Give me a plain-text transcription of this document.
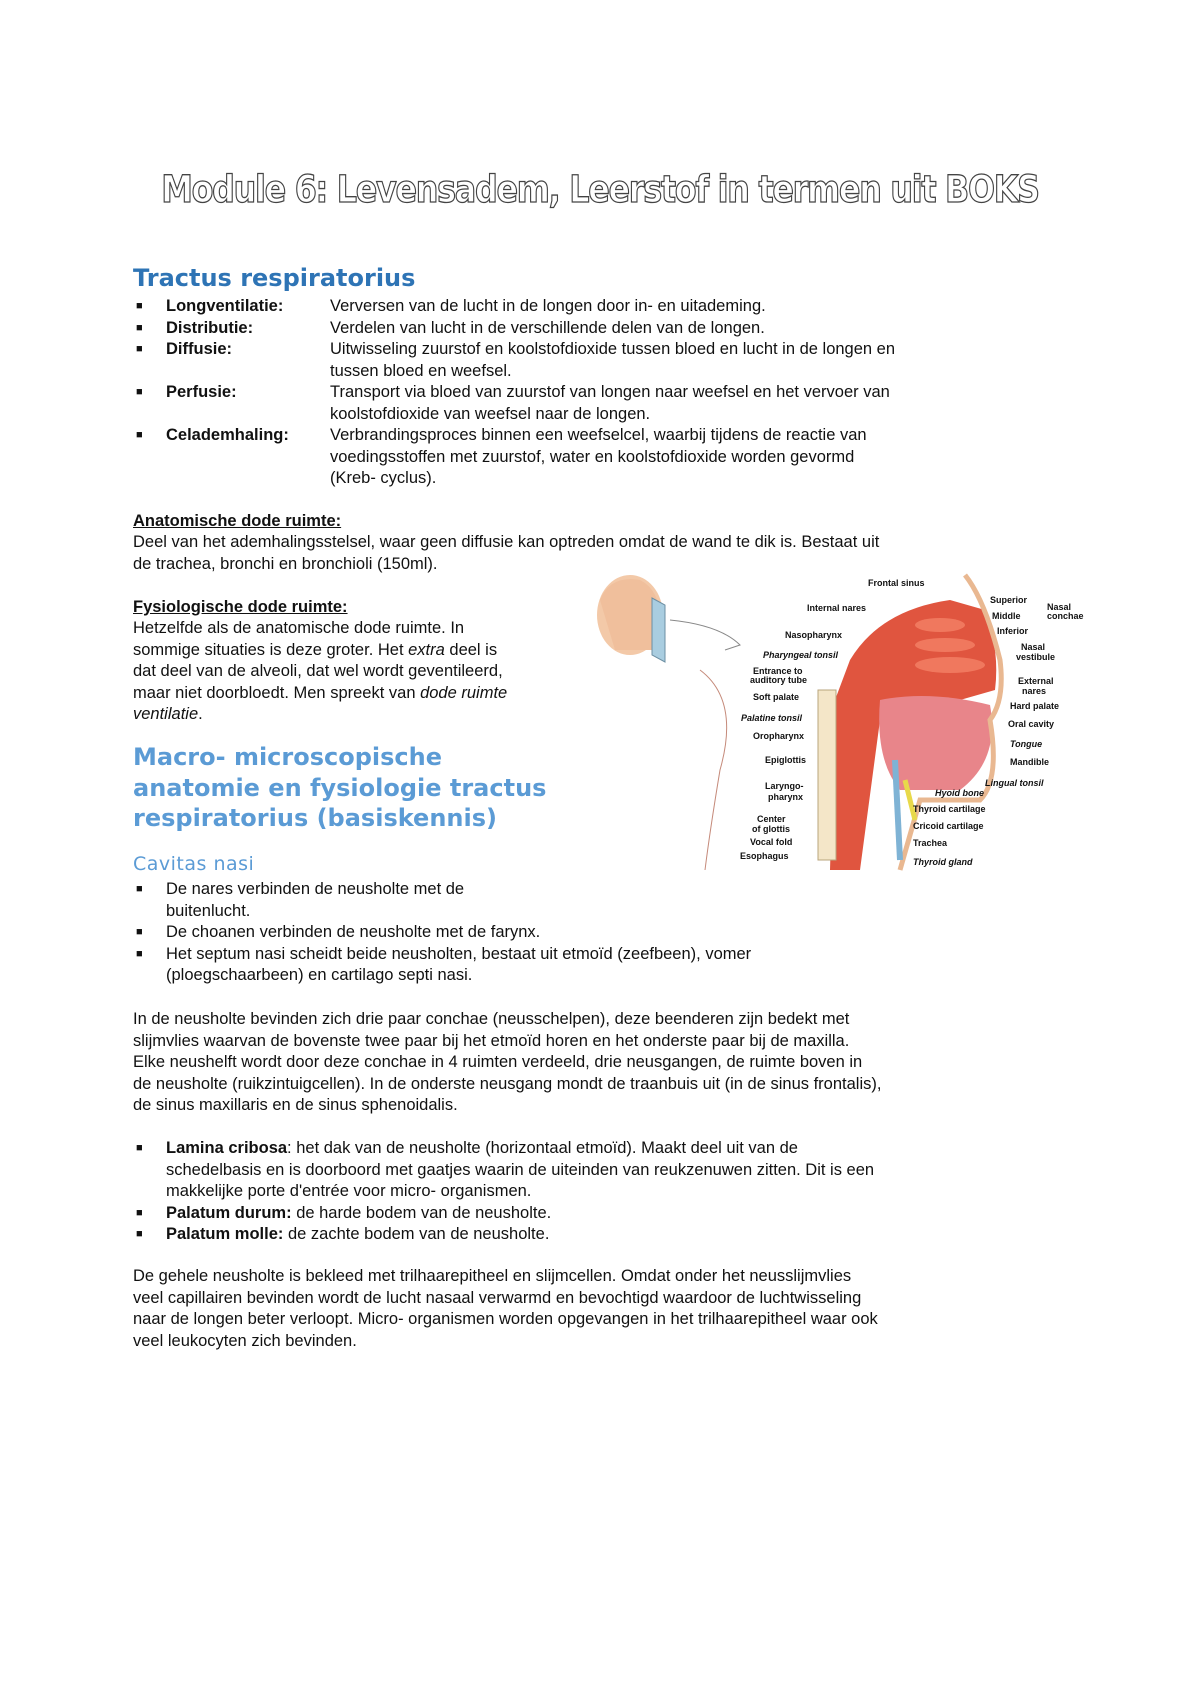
Module 6: Levensadem, Leerstof in termen uit BOKS
Tractus respiratorius
■ Longventilatie:	Verversen van de lucht in de longen door in- en uitademing.
■ Distributie:	Verdelen van lucht in de verschillende delen van de longen.
■ Diffusie:	Uitwisseling zuurstof en koolstofdioxide tussen bloed en lucht in de longen en
tussen bloed en weefsel.
■ Perfusie:	Transport via bloed van zuurstof van longen naar weefsel en het vervoer van
koolstofdioxide van weefsel naar de longen.
■ Celademhaling: Verbrandingsproces binnen een weefselcel, waarbij tijdens de reactie van
voedingsstoffen met zuurstof, water en koolstofdioxide worden gevormd
(Kreb- cyclus).
Anatomische dode ruimte:
Deel van het ademhalingsstelsel, waar geen diffusie kan optreden omdat de wand te dik is. Bestaat uit
de trachea, bronchi en bronchioli (150ml).
Fysiologische dode ruimte:
Hetzelfde als de anatomische dode ruimte. In
sommige situaties is deze groter. Het extra deel is
dat deel van de alveoli, dat wel wordt geventileerd,
maar niet doorbloedt. Men spreekt van dode ruimte
ventilatie.
Macro- microscopische
anatomie en fysiologie tractus
respiratorius (basiskennis)
Cavitas nasi
■ De nares verbinden de neusholte met de
buitenlucht.
■ De choanen verbinden de neusholte met de farynx.
■ Het septum nasi scheidt beide neusholten, bestaat uit etmoïd (zeefbeen), vomer
(ploegschaarbeen) en cartilago septi nasi.
In de neusholte bevinden zich drie paar conchae (neusschelpen), deze beenderen zijn bedekt met
slijmvlies waarvan de bovenste twee paar bij het etmoïd horen en het onderste paar bij de maxilla.
Elke neushelft wordt door deze conchae in 4 ruimten verdeeld, drie neusgangen, de ruimte boven in
de neusholte (ruikzintuigcellen). In de onderste neusgang mondt de traanbuis uit (in de sinus frontalis),
de sinus maxillaris en de sinus sphenoidalis.
■ Lamina cribosa: het dak van de neusholte (horizontaal etmoïd). Maakt deel uit van de
schedelbasis en is doorboord met gaatjes waarin de uiteinden van reukzenuwen zitten. Dit is een
makkelijke porte d'entrée voor micro- organismen.
■ Palatum durum: de harde bodem van de neusholte.
■ Palatum molle: de zachte bodem van de neusholte.
De gehele neusholte is bekleed met trilhaarepitheel en slijmcellen. Omdat onder het neusslijmvlies
veel capillairen bevinden wordt de lucht nasaal verwarmd en bevochtigd waardoor de luchtwisseling
naar de longen beter verloopt. Micro- organismen worden opgevangen in het trilhaarepitheel waar ook
veel leukocyten zich bevinden.
Frontal sinus
Internal nares
Nasopharynx
Pharyngeal tonsil
Entrance to
auditory tube
Soft palate
Palatine tonsil
Oropharynx
Epiglottis
Laryngo-
pharynx
Center
of glottis
Vocal fold
Esophagus
Superior
Middle
Inferior
Nasal
conchae
Nasal
vestibule
External
nares
Hard palate
Oral cavity
Tongue
Mandible
Lingual tonsil
Hyoid bone
Thyroid cartilage
Cricoid cartilage
Trachea
Thyroid gland
